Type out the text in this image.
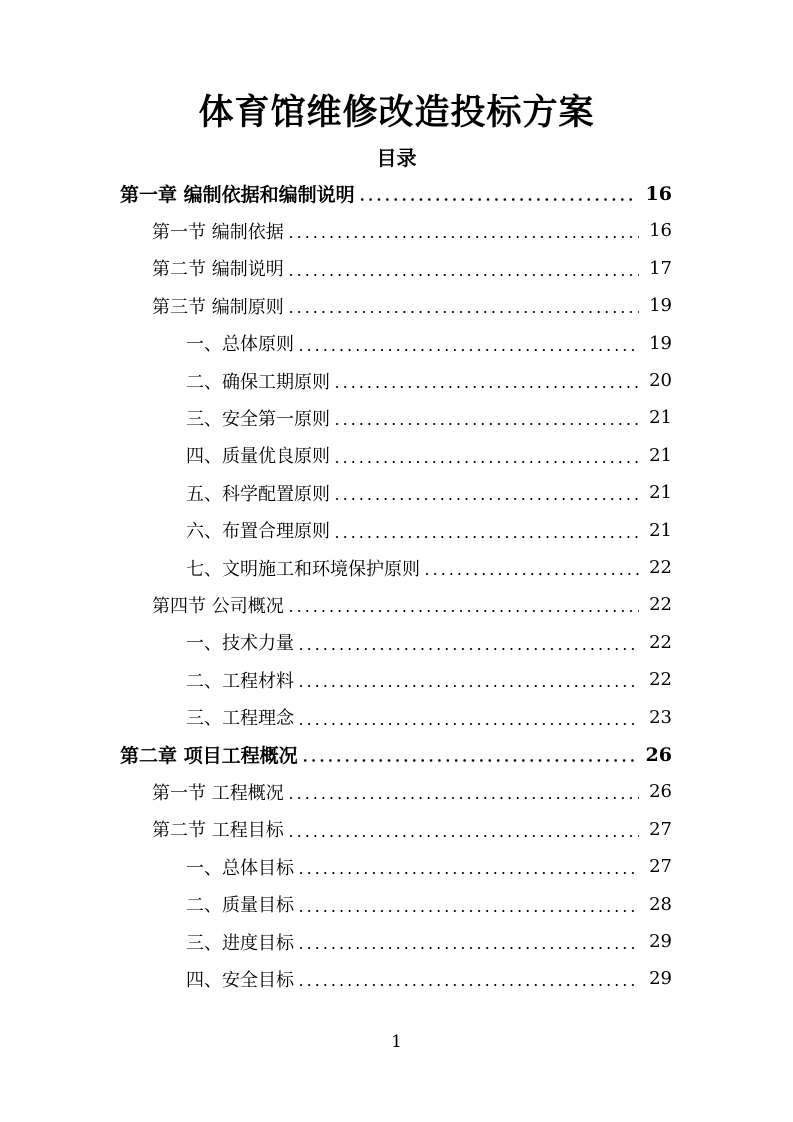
体育馆维修改造投标方案
目录
第一章 编制依据和编制说明	16
第一节 编制依据	16
第二节 编制说明	17
第三节 编制原则	19
一、总体原则	19
二、确保工期原则	20
三、安全第一原则	21
四、质量优良原则	21
五、科学配置原则	21
六、布置合理原则	21
七、文明施工和环境保护原则	22
第四节 公司概况	22
一、技术力量	22
二、工程材料	22
三、工程理念	23
第二章 项目工程概况	26
第一节 工程概况	26
第二节 工程目标	27
一、总体目标	27
二、质量目标	28
三、进度目标	29
四、安全目标	29
1
